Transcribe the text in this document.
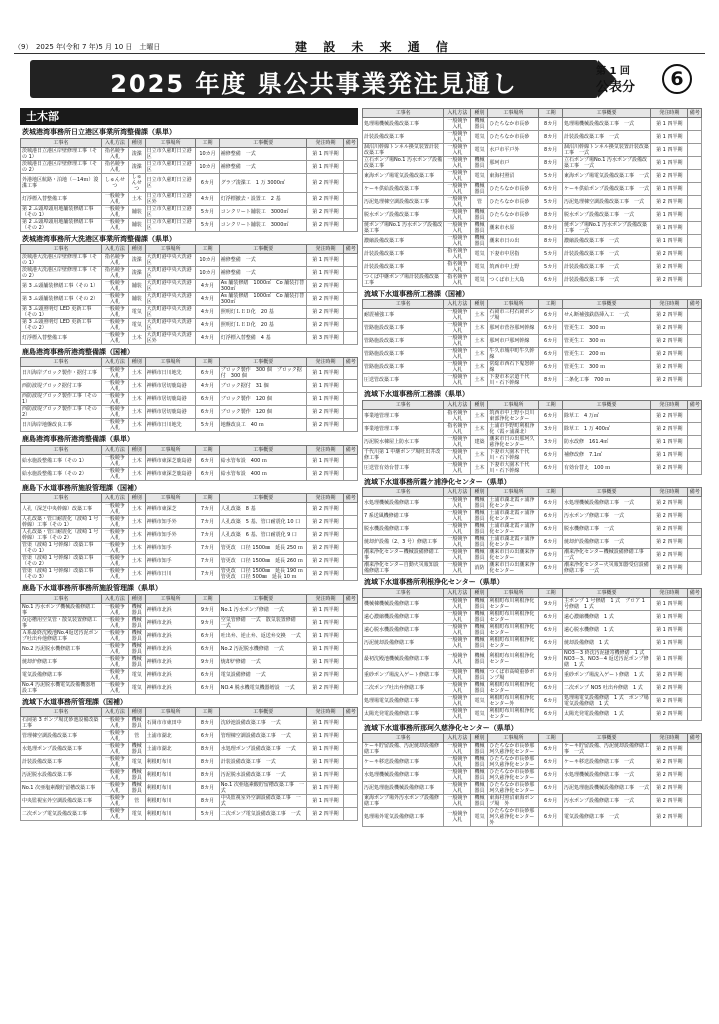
（9）　2025 年(令和 7 年)5 月 10 日　土曜日	建 設 未 来 通 信
2025 年度 県公共事業発注見通し	第 1 回
公表分	6
土木部
茨城港湾事務所日立港区事業所湾整備課（県単）
工事名	入札方法	種別	工事場所	工期	工事概要	発注時期	備考
茨城港日立港区岸壁修理工事（その 1）	指名競争入札	浚渫	日立市久慈町日立港区	10カ月	補修整備　一式	第 1 四半期	
茨城港日立港区岸壁修理工事（その 2）	指名競争入札	浚渫	日立市久慈町日立港区	10カ月	補修整備　一式	第 1 四半期	
外港地区航路・泊地（－14ｍ）浚渫工事	しゅんせつ	しゅんせつ	日立市久慈町日立港区	6カ月	グラブ浚渫工　1 万 3000㎥	第 2 四半期	
灯浮標入替整備工事	一般競争入札	土木	日立市久慈町日立港区外	4カ月	灯浮標撤去・設置工　2 基	第 2 四半期	
第 2 ふ頭埠頭用地舗装修繕工事（その 1）	一般競争入札	舗装	日立市久慈町日立港区	5カ月	コンクリート舗装工　3000㎡	第 2 四半期	
第 2 ふ頭埠頭用地舗装修繕工事（その 2）	一般競争入札	舗装	日立市久慈町日立港区	5カ月	コンクリート舗装工　3000㎡	第 2 四半期	
茨城港湾事務所大洗港区事業所湾整備課（県単）
工事名	入札方法	種別	工事場所	工期	工事概要	発注時期	備考
茨城港大洗港区岸壁修理工事（その 1）	指名競争入札	浚渫	大洗町港中央大洗港区	10カ月	補修整備　一式	第 1 四半期	
茨城港大洗港区岸壁修理工事（その 2）	指名競争入札	浚渫	大洗町港中央大洗港区	10カ月	補修整備　一式	第 1 四半期	
第 3 ふ頭舗装修繕工事（その 1）	一般競争入札	舗装	大洗町港中央大洗港区	4カ月	As 舗装修繕　1000㎡　Co 舗装打替　300㎡	第 2 四半期	
第 3 ふ頭舗装修繕工事（その 2）	一般競争入札	舗装	大洗町港中央大洗港区	4カ月	As 舗装修繕　1000㎡　Co 舗装打替　300㎡	第 2 四半期	
第 3 ふ頭照明灯 LED 更新工事（その 1）	一般競争入札	電気	大洗町港中央大洗港区	4カ月	照明灯ＬＥＤ化　20 基	第 2 四半期	
第 3 ふ頭照明灯 LED 更新工事（その 2）	一般競争入札	電気	大洗町港中央大洗港区	4カ月	照明灯ＬＥＤ化　20 基	第 2 四半期	
灯浮標入替整備工事	一般競争入札	土木	大洗町港中央大洗港区外	4カ月	灯浮標入替整備　4 基	第 3 四半期	
鹿島港湾事務所港湾整備課（国補）
工事名	入札方法	種別	工事場所	工期	工事概要	発注時期	備考
日川海岸ブロック製作・据付工事	一般競争入札	土木	神栖市日川地先	6カ月	ブロック製作　300 個　ブロック据付　300 個	第 1 四半期	
西防波堤ブロック据付工事	一般競争入札	土木	神栖市居切鹿島港	4カ月	ブロック据付　31 個	第 1 四半期	
西防波堤ブロック製作工事（その 1）	一般競争入札	土木	神栖市居切鹿島港	6カ月	ブロック製作　120 個	第 1 四半期	
西防波堤ブロック製作工事（その 2）	一般競争入札	土木	神栖市居切鹿島港	6カ月	ブロック製作　120 個	第 2 四半期	
日川海岸地盤改良工事	一般競争入札	土木	神栖市日川地先	5カ月	地盤改良工　40 ｍ	第 2 四半期	
鹿島港湾事務所港湾整備課（県単）
工事名	入札方法	種別	工事場所	工期	工事概要	発注時期	備考
給水施設整備工事（その 1）	一般競争入札	土木	神栖市東深芝鹿島港	6カ月	給水管布設　400 ｍ	第 1 四半期	
給水施設整備工事（その 2）	一般競争入札	土木	神栖市東深芝鹿島港	6カ月	給水管布設　400 ｍ	第 2 四半期	
鹿島下水道事務所施設管理課（国補）
工事名	入札方法	種別	工事場所	工期	工事概要	発注時期	備考
人孔（深芝中央幹線）改築工事	一般競争入札	土木	神栖市東深芝	7カ月	人孔改築　8 基	第 2 四半期	
人孔改築・管口耐震化（波崎 1 号幹線）工事（その 1）	一般競争入札	土木	神栖市知手外	7カ月	人孔改築　5 基、管口耐震化 10 口	第 2 四半期	
人孔改築・管口耐震化（波崎 1 号幹線）工事（その 2）	一般競争入札	土木	神栖市知手外	7カ月	人孔改築　6 基、管口耐震化 9 口	第 2 四半期	
管渠（波崎 1 号幹線）改築工事（その 1）	一般競争入札	土木	神栖市知手	7カ月	管更改　口径 1500㎜　延長 250 ｍ	第 2 四半期	
管渠（波崎 1 号幹線）改築工事（その 2）	一般競争入札	土木	神栖市知手	7カ月	管更改　口径 1500㎜　延長 260 ｍ	第 2 四半期	
管渠（波崎 1 号幹線）改築工事（その 3）	一般競争入札	土木	神栖市日川	7カ月	管更改　口径 1500㎜　延長 190 ｍ　管更改　口径 500㎜　延長 10 ｍ	第 2 四半期	
鹿島下水道事務所事務所施設管理課（県単）
工事名	入札方法	種別	工事場所	工期	工事概要	発注時期	備考
No.1 汚水ポンプ機械設備修繕工事	一般競争入札	機械器具	神栖市北浜	9カ月	No.1 汚水ポンプ修繕　一式	第 1 四半期	
反応槽用空気管・散気装置修繕工事	一般競争入札	機械器具	神栖市北浜	9カ月	空気管修繕　一式　散気装置修繕　一式	第 1 四半期	
Ａ系最終沈殿池No.4返送汚泥ポンプ吐出弁他修繕工事	一般競争入札	機械器具	神栖市北浜	6カ月	吐出弁、逆止弁、返送弁交換　一式	第 1 四半期	
No.2 汚泥脱水機修繕工事	一般競争入札	機械器具	神栖市北浜	6カ月	No.2 汚泥脱水機修繕　一式	第 1 四半期	
焼却炉修繕工事	一般競争入札	機械器具	神栖市北浜	9カ月	焼却炉修繕　一式	第 1 四半期	
電気設備修繕工事	一般競争入札	電気	神栖市北浜	6カ月	電気設備修繕　一式	第 2 四半期	
No.4 汚泥脱水機電気設備機器増設工事	一般競争入札	電気	神栖市北浜	6カ月	NO.4 脱水機電気機器増設　一式	第 2 四半期	
流域下水道事務所管理課（国補）
工事名	入札方法	種別	工事場所	工期	工事概要	発注時期	備考
石岡第 3 ポンプ場沈砂池設備改築工事	一般競争入札	機械器具	石岡市市東田中	8カ月	沈砂池設備改築工事　一式	第 1 四半期	
管理棟空調設備改築工事	一般競争入札	管	土浦市湖北	6カ月	管理棟空調設備改築工事　一式	第 1 四半期	
水処理ポンプ設備改築工事	一般競争入札	機械器具	土浦市湖北	8カ月	水処理ポンプ設備改築工事　一式	第 1 四半期	
計装設備改築工事	一般競争入札	電気	利根町布川	8カ月	計装設備改築工事　一式	第 1 四半期	
汚泥脱水設備改築工事	一般競争入札	機械器具	利根町布川	8カ月	汚泥脱水設備改築工事　一式	第 1 四半期	
No.1 次亜塩素酸貯留槽改築工事	一般競争入札	機械器具	利根町布川	8カ月	No.1 次亜塩素酸貯留槽改築工事　一式	第 1 四半期	
中央監視室外空調設備改築工事	一般競争入札	管	利根町布川	8カ月	中央監視室外空調設備改築工事　一式	第 1 四半期	
二次ポンプ電気設備改築工事	一般競争入札	電気	利根町布川	5カ月	二次ポンプ電気設備改築工事　一式	第 2 四半期	
工事名	入札方法	種別	工事場所	工期	工事概要	発注時期	備考
処理場機械設備改築工事	一般競争入札	機械器具	ひたちなか市長砂	8カ月	処理場機械設備改築工事　一式	第 1 四半期	
計装設備改築工事	一般競争入札	電気	ひたちなか市長砂	8カ月	計装設備改築工事　一式	第 1 四半期	
涸沼川幹線トンネル換気装置計装改築工事	一般競争入札	電気	水戸市平戸外	8カ月	涸沼川幹線トンネル換気装置計装改築工事　一式	第 1 四半期	
立石ポンプ場No.1 汚水ポンプ設備改築工事	一般競争入札	機械器具	那珂市戸	8カ月	立石ポンプ場No.1 汚水ポンプ設備改築工事　一式	第 1 四半期	
東海ポンプ場電気設備改築工事	一般競争入札	電気	東海村照沼	5カ月	東海ポンプ場電気設備改築工事　一式	第 2 四半期	
ケーキ供給設備改築工事	一般競争入札	機械器具	ひたちなか市長砂	6カ月	ケーキ供給ポンプ設備改築工事　一式	第 1 四半期	
汚泥処理棟空調設備改築工事	一般競争入札	管	ひたちなか市長砂	5カ月	汚泥処理棟空調設備改築工事　一式	第 2 四半期	
脱水ポンプ設備改築工事	一般競争入札	機械器具	ひたちなか市長砂	8カ月	脱水ポンプ設備改築工事　一式	第 1 四半期	
焼ポンプ場No.1 汚水ポンプ設備改築工事	一般競争入札	機械器具	潮来市水原	8カ月	焼ポンプ場No.1 汚水ポンプ設備改築工事　一式	第 1 四半期	
濃縮設備改築工事	一般競争入札	機械器具	潮来市日の出	8カ月	濃縮設備改築工事　一式	第 1 四半期	
計装設備改築工事	指名競争入札	電気	下妻市中居指	5カ月	計装設備改築工事　一式	第 2 四半期	
計装設備改築工事	指名競争入札	電気	筑西市中上野	5カ月	計装設備改築工事　一式	第 2 四半期	
つくば中継ポンプ場計装設備改築工事	指名競争入札	電気	つくば市上大島	6カ月	計装設備改築工事　一式	第 2 四半期	
流域下水道事務所工務課（国補）
工事名	入札方法	種別	工事場所	工期	工事概要	発注時期	備考
耐震補強工事	一般競争入札	土木	石岡市三村石岡ポンプ場	6カ月	せん断補強鉄筋挿入工　一式	第 2 四半期	
管路施設改築工事	一般競争入札	土木	那珂市菅谷那珂幹線	6カ月	管更生工　300 ｍ	第 2 四半期	
管路施設改築工事	一般競争入札	土木	那珂市戸那珂幹線	6カ月	管更生工　300 ｍ	第 2 四半期	
管路施設改築工事	一般競争入札	土木	牛久市城中町牛久幹線	6カ月	管更生工　200 ｍ	第 2 四半期	
管路施設改築工事	一般競争入札	土木	常総市西石下鬼怒幹線	6カ月	管更生工　300 ｍ	第 2 四半期	
圧送管改築工事	一般競争入札	土木	下妻市本宗道千代川・石下幹線	8カ月	二条化工事　700 ｍ	第 2 四半期	
流域下水道事務所工務課（県単）
工事名	入札方法	種別	工事場所	工期	工事概要	発注時期	備考
事業地管理工事	指名競争入札	土木	筑西市中上野小貝川東部浄化センター	6カ月	除草工　4 万㎡	第 2 四半期	
事業地管理工事	指名競争入札	土木	土浦市手野町利根浄化（霞ヶ浦湖北）	3カ月	除草工　1 万 400㎡	第 2 四半期	
汚泥脱水棟屋上防水工事	一般競争入札	建築	潮来市日の出那珂久慈浄化センター	3カ月	防水改修　161.4㎡	第 1 四半期	
千代川第 1 中継ポンプ場吐出井改修工事	一般競争入札	土木	下妻市大園木千代川・石下幹線	6カ月	補修改修　7.1㎡	第 1 四半期	
圧送管有効台替工事	一般競争入札	土木	下妻市大園木千代川・石下幹線	6カ月	有効台替え　100 ｍ	第 2 四半期	
流域下水道事務所霞ケ浦浄化センター（県単）
工事名	入札方法	種別	工事場所	工期	工事概要	発注時期	備考
水処理機械設備修繕工事	一般競争入札	機械器具	土浦市湖北霞ヶ浦浄化センター	6カ月	水処理機械設備修繕工事　一式	第 2 四半期	
7 系送風機修繕工事	一般競争入札	機械器具	土浦市湖北霞ヶ浦浄化センター	6カ月	汚水ポンプ修繕工事　一式	第 2 四半期	
脱水機設備修繕工事	一般競争入札	機械器具	土浦市湖北霞ヶ浦浄化センター	6カ月	脱水機修繕工事　一式	第 2 四半期	
焼却炉設備（2、3 号）修繕工事	一般競争入札	機械器具	土浦市湖北霞ヶ浦浄化センター	6カ月	焼却炉設備修繕工事　一式	第 2 四半期	
潮来浄化センター機械設備修繕工事	一般競争入札	機械器具	潮来市日の出潮来浄化センター	6カ月	潮来浄化センター機械設備修繕工事　一式	第 2 四半期	
潮来浄化センター自動火災報知設備修繕工事	一般競争入札	消防	潮来市日の出潮来浄化センター	6カ月	潮来浄化センター火災報知器受信設備修繕工事　一式	第 2 四半期	
流域下水道事務所利根浄化センター（県単）
工事名	入札方法	種別	工事場所	工期	工事概要	発注時期	備考
機械棟機械設備修繕工事	一般競争入札	機械器具	利根町布川利根浄化センター	9カ月	主ポンプ 1 号修繕　1 式　ブロア 1 号修繕　1 式	第 1 四半期	
遠心濃縮機設備修繕工事	一般競争入札	機械器具	利根町布川利根浄化センター	6カ月	遠心濃縮機修繕　1 式	第 1 四半期	
遠心脱水機設備修繕工事	一般競争入札	機械器具	利根町布川利根浄化センター	6カ月	遠心脱水機修繕　1 式	第 1 四半期	
汚泥焼却設備修繕工事	一般競争入札	機械器具	利根町布川利根浄化センター	6カ月	焼却設備修繕　1 式	第 1 四半期	
最初沈殿池機械設備修繕工事	一般競争入札	機械器具	利根町布川利根浄化センター	9カ月	NO3－3 終沈汚泥搔寄機修繕　1 式　NO3－3、NO3－4 返送汚泥ポンプ修繕　1 式	第 1 四半期	
重砂ポンプ場流入ゲート修繕工事	一般競争入札	機械器具	つくば市高崎重砂ポンプ場	6カ月	重砂ポンプ場流入ゲート修繕　1 式	第 2 四半期	
二次ポンプ吐出弁修繕工事	一般競争入札	機械器具	利根町布川利根浄化センター	6カ月	二次ポンプ NO5 吐出弁修繕　1 式	第 2 四半期	
処理場電気設備修繕工事	一般競争入札	電気	利根町布川利根浄化センター外	6カ月	処理場電気設備修繕　1 式　ポンプ場電気設備修繕　1 式	第 2 四半期	
太陽光発電設備修繕工事	一般競争入札	電気	利根町布川利根浄化センター	6カ月	太陽光発電設備修繕　1 式	第 2 四半期	
流域下水道事務所那珂久慈浄化センター（県単）
工事名	入札方法	種別	工事場所	工期	工事概要	発注時期	備考
ケーキ貯留設備、汚泥焼却設備修繕工事	一般競争入札	機械器具	ひたちなか市長砂那珂久慈浄化センター	6カ月	ケーキ貯留設備、汚泥焼却設備修繕工事　一式	第 2 四半期	
ケーキ移送設備修繕工事	一般競争入札	機械器具	ひたちなか市長砂那珂久慈浄化センター	6カ月	ケーキ移送設備修繕工事　一式	第 2 四半期	
水処理機械設備修繕工事	一般競争入札	機械器具	ひたちなか市長砂那珂久慈浄化センター	6カ月	水処理機械設備修繕工事　一式	第 2 四半期	
汚泥処理施設機械設備修繕工事	一般競争入札	機械器具	ひたちなか市長砂那珂久慈浄化センター	6カ月	汚泥処理施設機械設備修繕工事　一式	第 2 四半期	
東海ポンプ場外汚水ポンプ設備修繕工事	一般競争入札	機械器具	東海村照沼東海ポンプ場　外	6カ月	汚水ポンプ設備修繕工事　一式	第 2 四半期	
処理場外電気設備修繕工事	一般競争入札	電気	ひたちなか市長砂那珂久慈浄化センター　外	6カ月	電気設備修繕工事　一式	第 2 四半期	
